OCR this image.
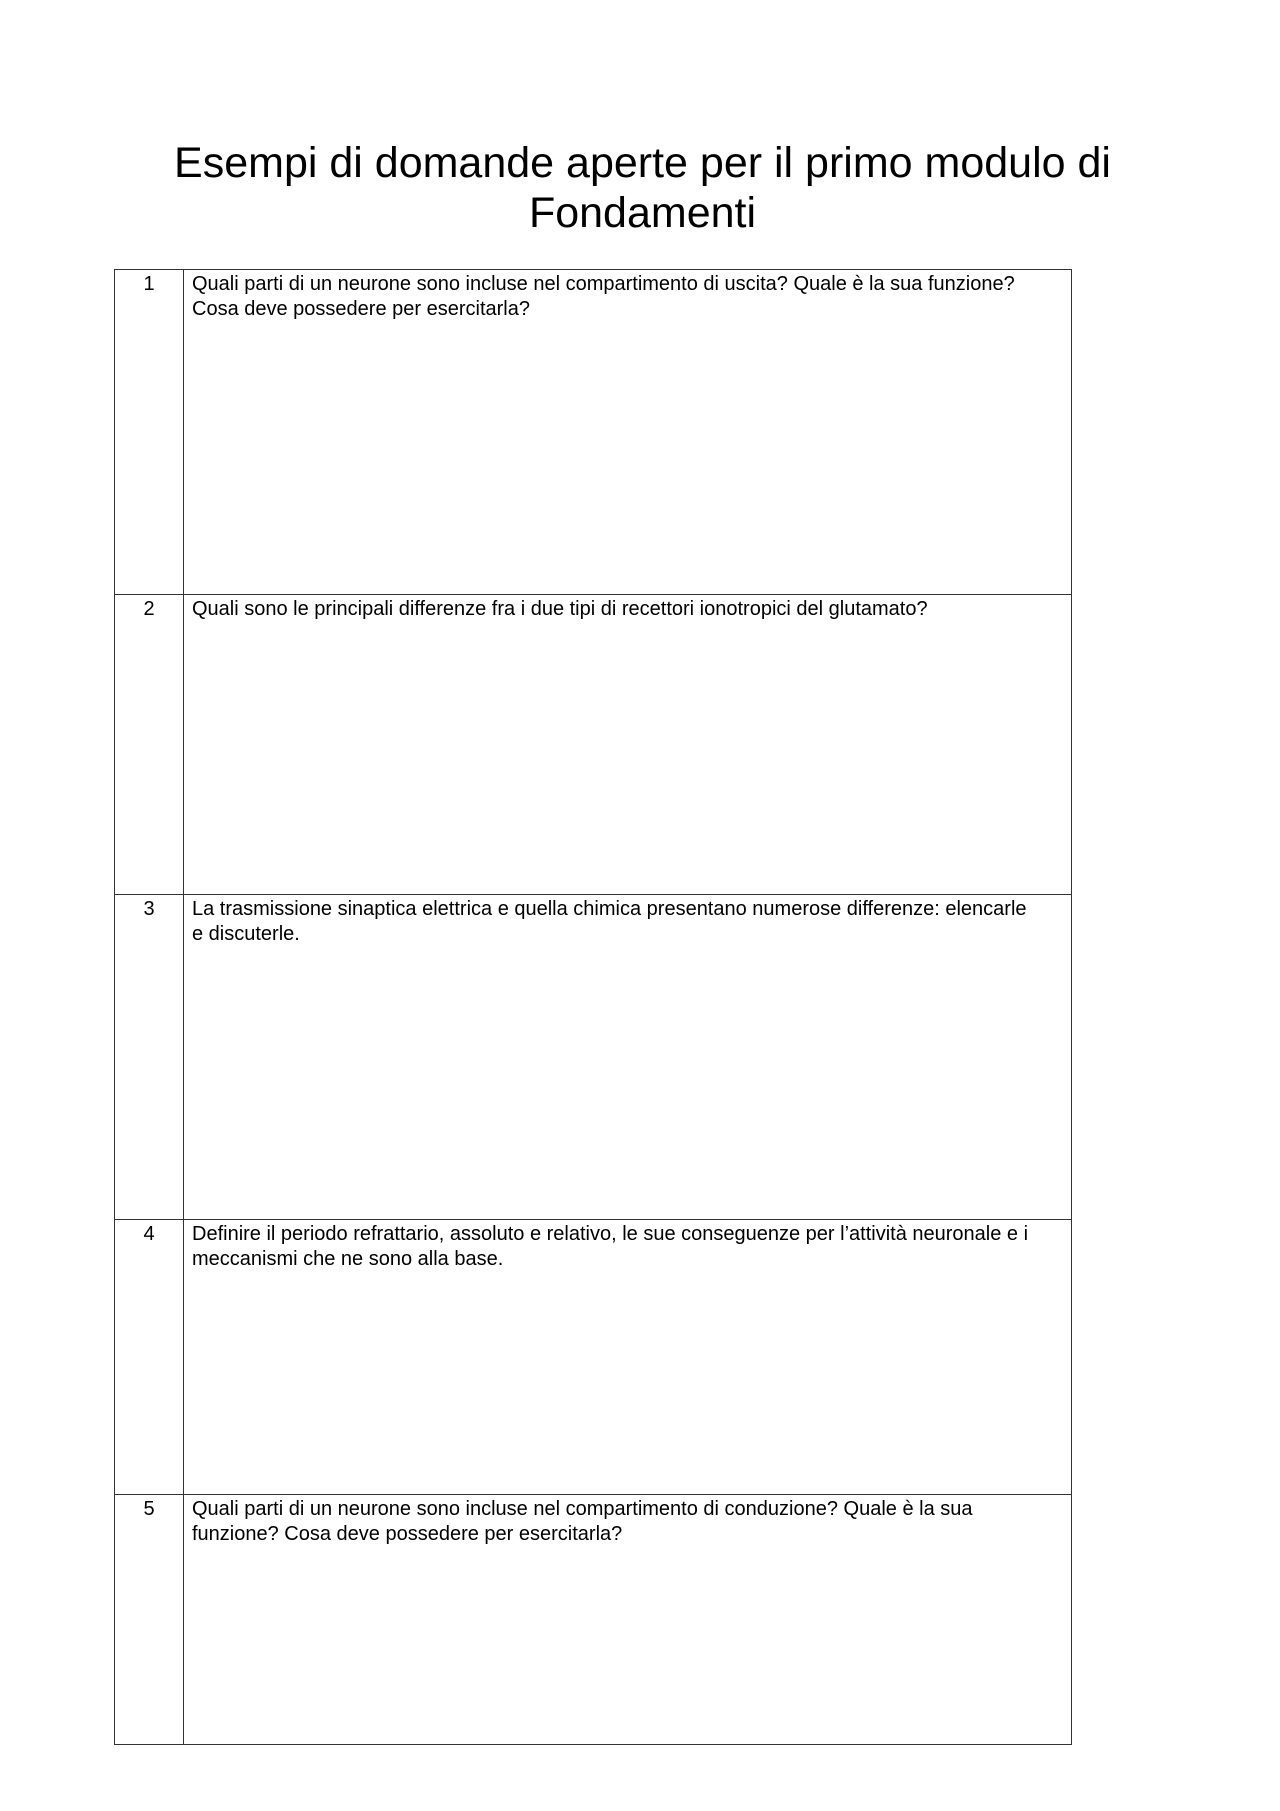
Esempi di domande aperte per il primo modulo di Fondamenti
1	Quali parti di un neurone sono incluse nel compartimento di uscita? Quale è la sua funzione? Cosa deve possedere per esercitarla?
2	Quali sono le principali differenze fra i due tipi di recettori ionotropici del glutamato?
3	La trasmissione sinaptica elettrica e quella chimica presentano numerose differenze: elencarle e discuterle.
4	Definire il periodo refrattario, assoluto e relativo, le sue conseguenze per l’attività neuronale e i meccanismi che ne sono alla base.
5	Quali parti di un neurone sono incluse nel compartimento di conduzione? Quale è la sua funzione? Cosa deve possedere per esercitarla?
